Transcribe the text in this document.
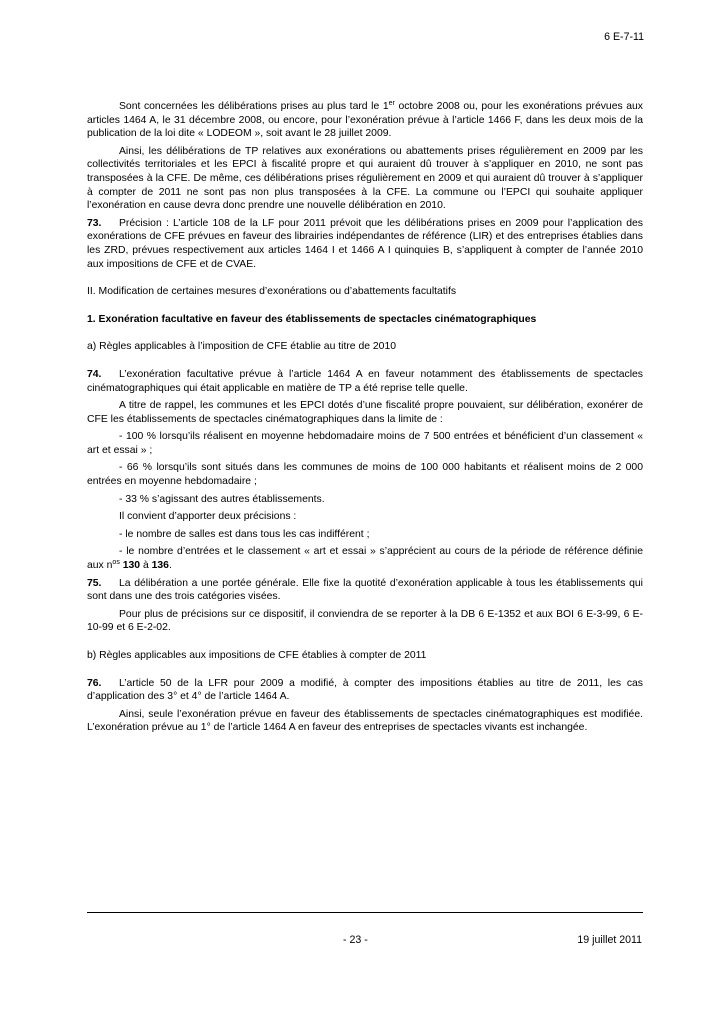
6 E-7-11

Sont concernées les délibérations prises au plus tard le 1er octobre 2008 ou, pour les exonérations prévues aux articles 1464 A, le 31 décembre 2008, ou encore, pour l’exonération prévue à l’article 1466 F, dans les deux mois de la publication de la loi dite « LODEOM », soit avant le 28 juillet 2009.

Ainsi, les délibérations de TP relatives aux exonérations ou abattements prises régulièrement en 2009 par les collectivités territoriales et les EPCI à fiscalité propre et qui auraient dû trouver à s’appliquer en 2010, ne sont pas transposées à la CFE. De même, ces délibérations prises régulièrement en 2009 et qui auraient dû trouver à s’appliquer à compter de 2011 ne sont pas non plus transposées à la CFE. La commune ou l’EPCI qui souhaite appliquer l’exonération en cause devra donc prendre une nouvelle délibération en 2010.

73. Précision : L’article 108 de la LF pour 2011 prévoit que les délibérations prises en 2009 pour l’application des exonérations de CFE prévues en faveur des librairies indépendantes de référence (LIR) et des entreprises établies dans les ZRD, prévues respectivement aux articles 1464 I et 1466 A I quinquies B, s’appliquent à compter de l’année 2010 aux impositions de CFE et de CVAE.

II. Modification de certaines mesures d’exonérations ou d’abattements facultatifs

1. Exonération facultative en faveur des établissements de spectacles cinématographiques

a) Règles applicables à l’imposition de CFE établie au titre de 2010

74. L’exonération facultative prévue à l’article 1464 A en faveur notamment des établissements de spectacles cinématographiques qui était applicable en matière de TP a été reprise telle quelle.

A titre de rappel, les communes et les EPCI dotés d’une fiscalité propre pouvaient, sur délibération, exonérer de CFE les établissements de spectacles cinématographiques dans la limite de :

- 100 % lorsqu’ils réalisent en moyenne hebdomadaire moins de 7 500 entrées et bénéficient d’un classement « art et essai » ;

- 66 % lorsqu’ils sont situés dans les communes de moins de 100 000 habitants et réalisent moins de 2 000 entrées en moyenne hebdomadaire ;

- 33 % s’agissant des autres établissements.

Il convient d’apporter deux précisions :

- le nombre de salles est dans tous les cas indifférent ;

- le nombre d’entrées et le classement « art et essai » s’apprécient au cours de la période de référence définie aux $n^{os}$ 130 à 136.

75. La délibération a une portée générale. Elle fixe la quotité d’exonération applicable à tous les établissements qui sont dans une des trois catégories visées.

Pour plus de précisions sur ce dispositif, il conviendra de se reporter à la DB 6 E-1352 et aux BOI 6 E-3-99, 6 E-10-99 et 6 E-2-02.

b) Règles applicables aux impositions de CFE établies à compter de 2011

76. L’article 50 de la LFR pour 2009 a modifié, à compter des impositions établies au titre de 2011, les cas d’application des 3° et 4° de l’article 1464 A.

Ainsi, seule l’exonération prévue en faveur des établissements de spectacles cinématographiques est modifiée. L’exonération prévue au 1° de l’article 1464 A en faveur des entreprises de spectacles vivants est inchangée.

- 23 -	19 juillet 2011
